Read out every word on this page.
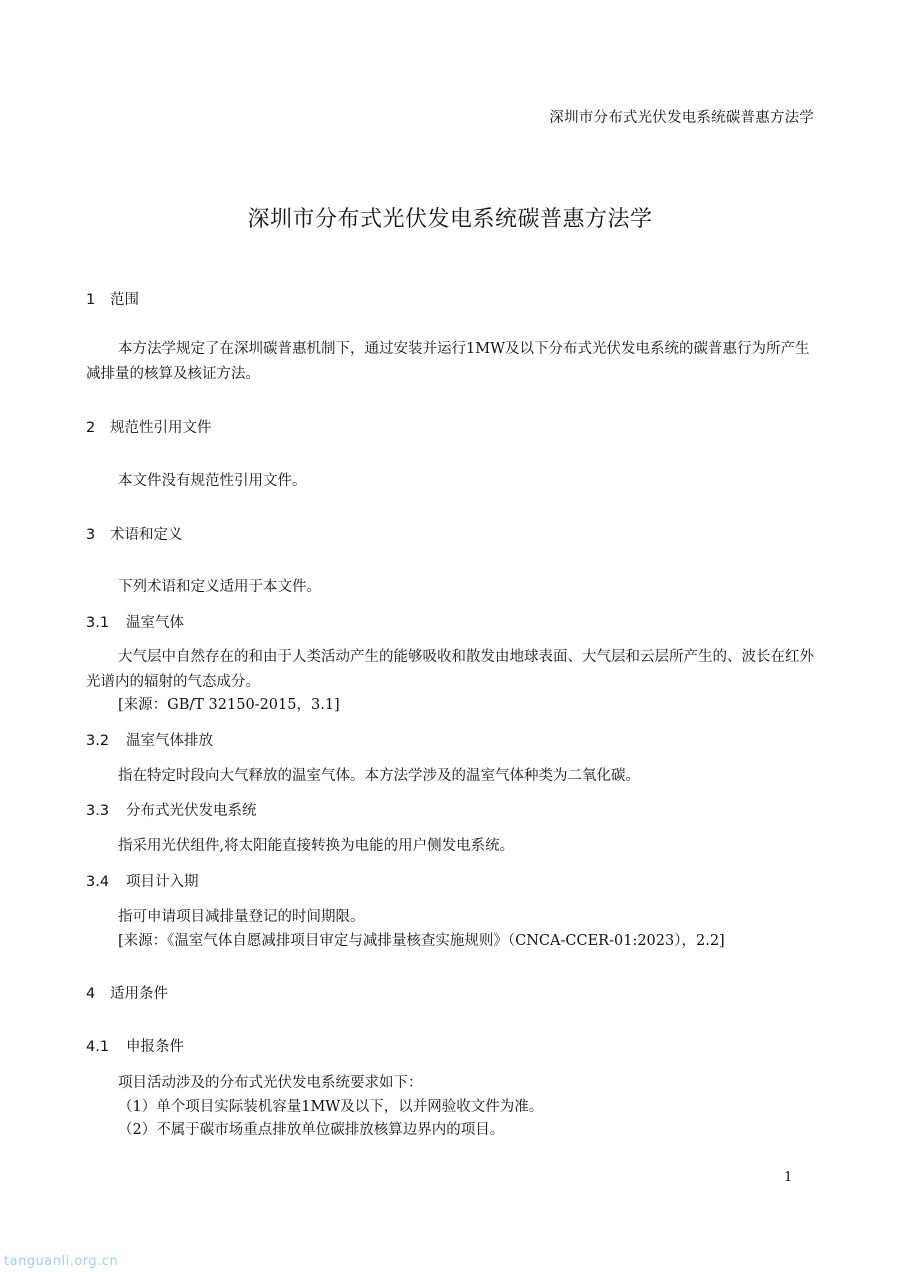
深圳市分布式光伏发电系统碳普惠方法学
深圳市分布式光伏发电系统碳普惠方法学
1 范围
本方法学规定了在深圳碳普惠机制下，通过安装并运行1MW及以下分布式光伏发电系统的碳普惠行为所产生减排量的核算及核证方法。
2 规范性引用文件
本文件没有规范性引用文件。
3 术语和定义
下列术语和定义适用于本文件。
3.1 温室气体
大气层中自然存在的和由于人类活动产生的能够吸收和散发由地球表面、大气层和云层所产生的、波长在红外光谱内的辐射的气态成分。
[来源：GB/T 32150-2015，3.1]
3.2 温室气体排放
指在特定时段向大气释放的温室气体。本方法学涉及的温室气体种类为二氧化碳。
3.3 分布式光伏发电系统
指采用光伏组件,将太阳能直接转换为电能的用户侧发电系统。
3.4 项目计入期
指可申请项目减排量登记的时间期限。
[来源：《温室气体自愿减排项目审定与减排量核查实施规则》（CNCA-CCER-01:2023），2.2]
4 适用条件
4.1 申报条件
项目活动涉及的分布式光伏发电系统要求如下：
（1）单个项目实际装机容量1MW及以下，以并网验收文件为准。
（2）不属于碳市场重点排放单位碳排放核算边界内的项目。
1
tanguanli.org.cn
